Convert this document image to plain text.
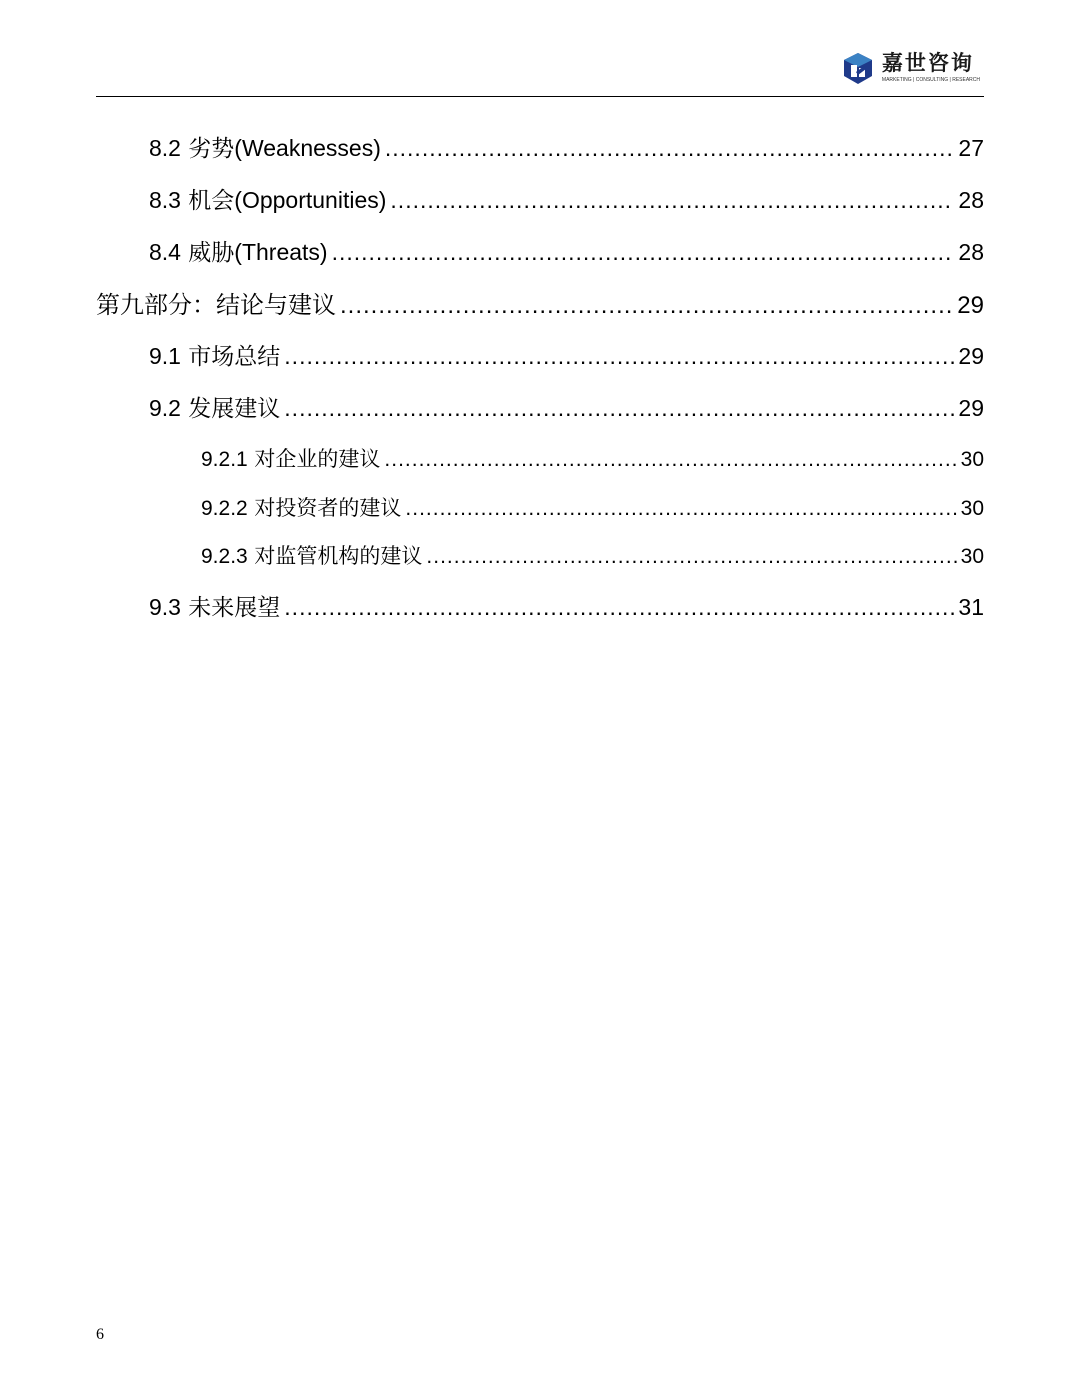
嘉世咨询
MARKETING | CONSULTING | RESEARCH
8.2 劣势(Weaknesses) .....	27
8.3 机会(Opportunities) .....	28
8.4 威胁(Threats) .....	28
第九部分：结论与建议 .....	29
9.1 市场总结 .....	29
9.2 发展建议 .....	29
9.2.1 对企业的建议 .....	30
9.2.2 对投资者的建议 .....	30
9.2.3 对监管机构的建议 .....	30
9.3 未来展望 .....	31
6
